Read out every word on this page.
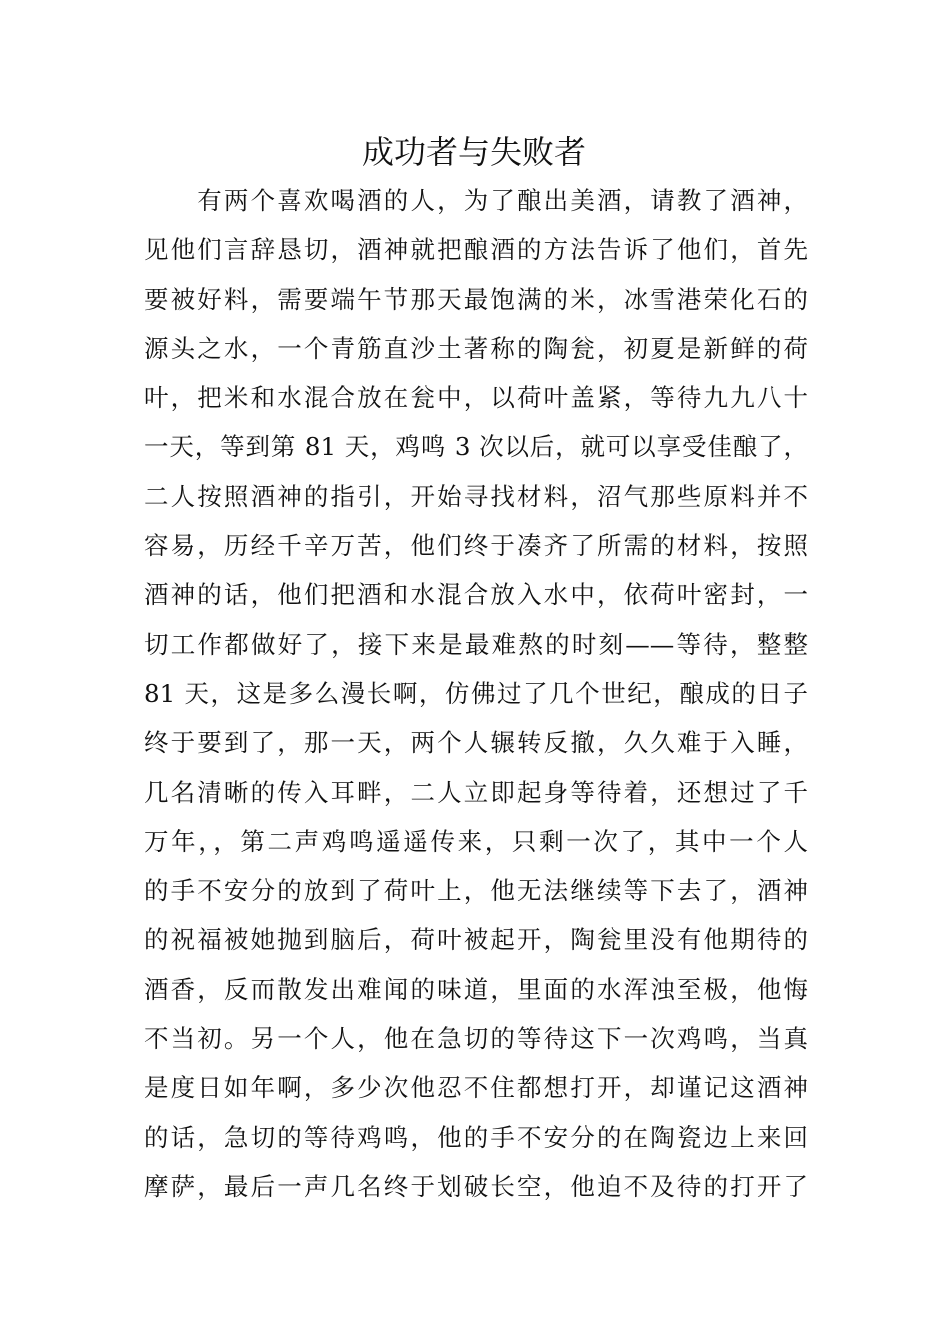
成功者与失败者
　　有两个喜欢喝酒的人，为了酿出美酒，请教了酒神，
见他们言辞恳切，酒神就把酿酒的方法告诉了他们，首先
要被好料，需要端午节那天最饱满的米，冰雪港荣化石的
源头之水，一个青筋直沙土著称的陶瓮，初夏是新鲜的荷
叶，把米和水混合放在瓮中，以荷叶盖紧，等待九九八十
一天，等到第 81 天，鸡鸣 3 次以后，就可以享受佳酿了，
二人按照酒神的指引，开始寻找材料，沼气那些原料并不
容易，历经千辛万苦，他们终于凑齐了所需的材料，按照
酒神的话，他们把酒和水混合放入水中，依荷叶密封，一
切工作都做好了，接下来是最难熬的时刻——等待，整整
81 天，这是多么漫长啊，仿佛过了几个世纪，酿成的日子
终于要到了，那一天，两个人辗转反撤，久久难于入睡，
几名清晰的传入耳畔，二人立即起身等待着，还想过了千
万年，，第二声鸡鸣遥遥传来，只剩一次了，其中一个人
的手不安分的放到了荷叶上，他无法继续等下去了，酒神
的祝福被她抛到脑后，荷叶被起开，陶瓮里没有他期待的
酒香，反而散发出难闻的味道，里面的水浑浊至极，他悔
不当初。另一个人，他在急切的等待这下一次鸡鸣，当真
是度日如年啊，多少次他忍不住都想打开，却谨记这酒神
的话，急切的等待鸡鸣，他的手不安分的在陶瓷边上来回
摩萨，最后一声几名终于划破长空，他迫不及待的打开了
